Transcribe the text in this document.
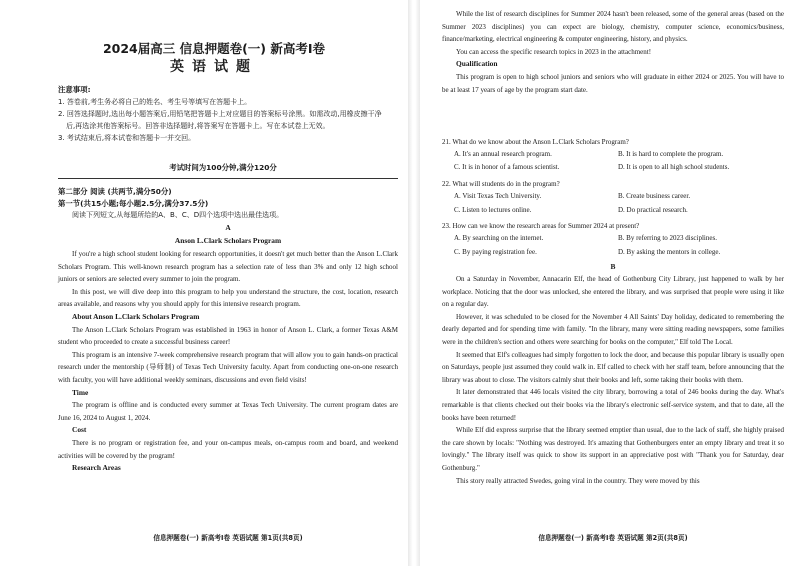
2024届高三 信息押题卷(一) 新高考Ⅰ卷
英语试题
注意事项:
1. 答卷前,考生务必将自己的姓名、考生号等填写在答题卡上。
2. 回答选择题时,选出每小题答案后,用铅笔把答题卡上对应题目的答案标号涂黑。如需改动,用橡皮擦干净后,再选涂其他答案标号。回答非选择题时,将答案写在答题卡上。写在本试卷上无效。
3. 考试结束后,将本试卷和答题卡一并交回。
考试时间为100分钟,满分120分
第二部分 阅读 (共两节,满分50分)
第一节(共15小题;每小题2.5分,满分37.5分)
阅读下列短文,从每题所给的A、B、C、D四个选项中选出最佳选项。
A
Anson L.Clark Scholars Program

If you're a high school student looking for research opportunities, it doesn't get much better than the Anson L.Clark Scholars Program. This well-known research program has a selection rate of less than 3% and only 12 high school juniors or seniors are selected every summer to join the program.

In this post, we will dive deep into this program to help you understand the structure, the cost, location, research areas available, and reasons why you should apply for this intensive research program.

About Anson L.Clark Scholars Program

The Anson L.Clark Scholars Program was established in 1963 in honor of Anson L. Clark, a former Texas A&M student who proceeded to create a successful business career!

This program is an intensive 7-week comprehensive research program that will allow you to gain hands-on practical research under the mentorship (导师制) of Texas Tech University faculty. Apart from conducting one-on-one research with faculty, you will have additional weekly seminars, discussions and even field visits!

Time

The program is offline and is conducted every summer at Texas Tech University. The current program dates are June 16, 2024 to August 1, 2024.

Cost

There is no program or registration fee, and your on-campus meals, on-campus room and board, and weekend activities will be covered by the program!

Research Areas
信息押题卷(一) 新高考Ⅰ卷 英语试题 第1页(共8页)

While the list of research disciplines for Summer 2024 hasn't been released, some of the general areas (based on the Summer 2023 disciplines) you can expect are biology, chemistry, computer science, economics/business, finance/marketing, electrical engineering & computer engineering, history, and physics.

You can access the specific research topics in 2023 in the attachment!

Qualification

This program is open to high school juniors and seniors who will graduate in either 2024 or 2025. You will have to be at least 17 years of age by the program start date.

21. What do we know about the Anson L.Clark Scholars Program?
A. It's an annual research program.	B. It is hard to complete the program.
C. It is in honor of a famous scientist.	D. It is open to all high school students.
22. What will students do in the program?
A. Visit Texas Tech University.	B. Create business career.
C. Listen to lectures online.	D. Do practical research.
23. How can we know the research areas for Summer 2024 at present?
A. By searching on the internet.	B. By referring to 2023 disciplines.
C. By paying registration fee.	D. By asking the mentors in college.
B

On a Saturday in November, Annacarin Elf, the head of Gothenburg City Library, just happened to walk by her workplace. Noticing that the door was unlocked, she entered the library, and was surprised that people were using it like on a regular day.

However, it was scheduled to be closed for the November 4 All Saints' Day holiday, dedicated to remembering the dearly departed and for spending time with family. "In the library, many were sitting reading newspapers, some families were in the children's section and others were searching for books on the computer," Elf told The Local.

It seemed that Elf's colleagues had simply forgotten to lock the door, and because this popular library is usually open on Saturdays, people just assumed they could walk in. Elf called to check with her staff team, before announcing that the library was about to close. The visitors calmly shut their books and left, some taking their books with them.

It later demonstrated that 446 locals visited the city library, borrowing a total of 246 books during the day. What's remarkable is that clients checked out their books via the library's electronic self-service system, and that to date, all the books have been returned!

While Elf did express surprise that the library seemed emptier than usual, due to the lack of staff, she highly praised the care shown by locals: "Nothing was destroyed. It's amazing that Gothenburgers enter an empty library and treat it so lovingly." The library itself was quick to show its support in an appreciative post with "Thank you for Saturday, dear Gothenburg."

This story really attracted Swedes, going viral in the country. They were moved by this

信息押题卷(一) 新高考Ⅰ卷 英语试题 第2页(共8页)
